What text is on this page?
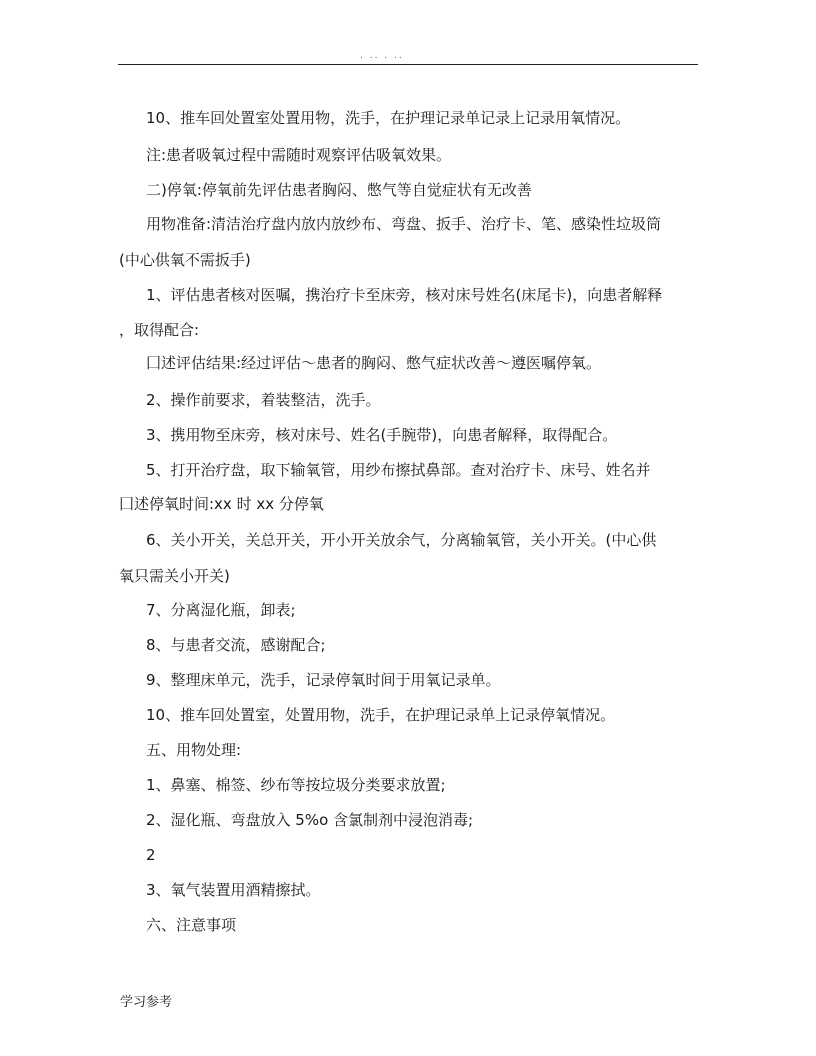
. .. . ..
10、推车回处置室处置用物，洗手，在护理记录单记录上记录用氧情况。
注:患者吸氧过程中需随时观察评估吸氧效果。
二)停氧:停氧前先评估患者胸闷、憋气等自觉症状有无改善
用物准备:清洁治疗盘内放内放纱布、弯盘、扳手、治疗卡、笔、感染性垃圾筒
(中心供氧不需扳手)
1、评估患者核对医嘱，携治疗卡至床旁，核对床号姓名(床尾卡)，向患者解释
，取得配合:
囗述评估结果:经过评估～患者的胸闷、憋气症状改善～遵医嘱停氧。
2、操作前要求，着装整洁，洗手。
3、携用物至床旁，核对床号、姓名(手腕带)，向患者解释，取得配合。
5、打开治疗盘，取下输氧管，用纱布擦拭鼻部。查对治疗卡、床号、姓名并
囗述停氧时间:xx 时 xx 分停氧
6、关小开关，关总开关，开小开关放余气，分离输氧管，关小开关。(中心供
氧只需关小开关)
7、分离湿化瓶，卸表;
8、与患者交流，感谢配合;
9、整理床单元，洗手，记录停氧时间于用氧记录单。
10、推车回处置室，处置用物，洗手，在护理记录单上记录停氧情况。
五、用物处理:
1、鼻塞、棉签、纱布等按垃圾分类要求放置;
2、湿化瓶、弯盘放入 5%o 含氯制剂中浸泡消毒;
2
3、氧气装置用酒精擦拭。
六、注意事项
学习参考
